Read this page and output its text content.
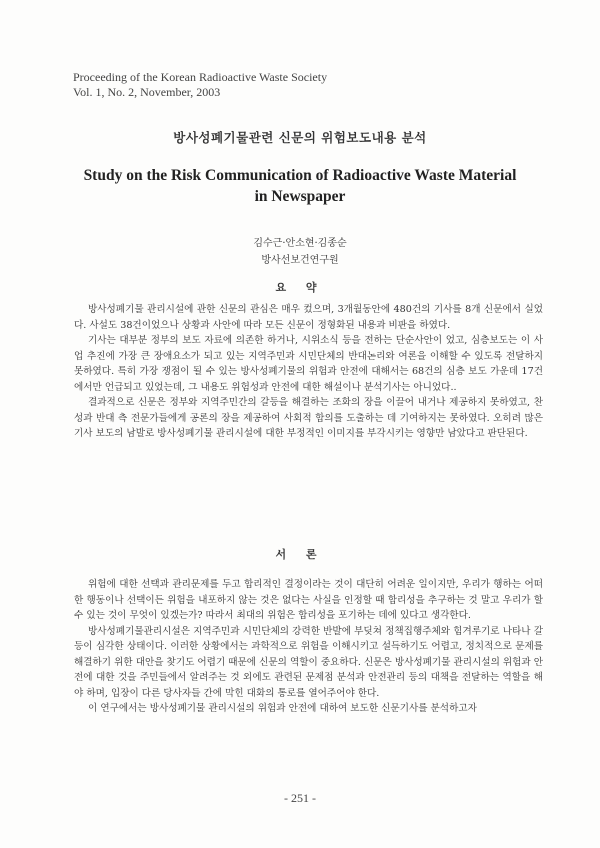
Proceeding of the Korean Radioactive Waste Society
Vol. 1, No. 2, November, 2003
방사성폐기물관련 신문의 위험보도내용 분석
Study on the Risk Communication of Radioactive Waste Material in Newspaper
김수근·안소현·김종순
방사선보건연구원
요 약

방사성폐기물 관리시설에 관한 신문의 관심은 매우 컸으며, 3개월동안에 480건의 기사를 8개 신문에서 실었다. 사설도 38건이었으나 상황과 사안에 따라 모든 신문이 정형화된 내용과 비판을 하였다.

기사는 대부분 정부의 보도 자료에 의존한 하거나, 시위소식 등을 전하는 단순사안이 었고, 심층보도는 이 사업 추진에 가장 큰 장애요소가 되고 있는 지역주민과 시민단체의 반대논리와 여론을 이해할 수 있도록 전달하지 못하였다. 특히 가장 쟁점이 될 수 있는 방사성폐기물의 위험과 안전에 대해서는 68건의 심층 보도 가운데 17건에서만 언급되고 있었는데, 그 내용도 위험성과 안전에 대한 해설이나 분석기사는 아니었다..

결과적으로 신문은 정부와 지역주민간의 갈등을 해결하는 조화의 장을 이끌어 내거나 제공하지 못하였고, 찬성과 반대 측 전문가들에게 공론의 장을 제공하여 사회적 합의를 도출하는 데 기여하지는 못하였다. 오히려 많은 기사 보도의 남발로 방사성폐기물 관리시설에 대한 부정적인 이미지를 부각시키는 영향만 남았다고 판단된다.

서 론

위험에 대한 선택과 관리문제를 두고 합리적인 결정이라는 것이 대단히 어려운 일이지만, 우리가 행하는 어떠한 행동이나 선택이든 위험을 내포하지 않는 것은 없다는 사실을 인정할 때 합리성을 추구하는 것 말고 우리가 할 수 있는 것이 무엇이 있겠는가? 따라서 최대의 위험은 합리성을 포기하는 데에 있다고 생각한다.

방사성폐기물관리시설은 지역주민과 시민단체의 강력한 반발에 부딪쳐 정책집행주체와 힘겨루기로 나타나 갈등이 심각한 상태이다. 이러한 상황에서는 과학적으로 위험을 이해시키고 설득하기도 어렵고, 정치적으로 문제를 해결하기 위한 대안을 찾기도 어렵기 때문에 신문의 역할이 중요하다. 신문은 방사성폐기물 관리시설의 위험과 안전에 대한 것을 주민들에서 알려주는 것 외에도 관련된 문제점 분석과 안전관리 등의 대책을 전달하는 역할을 해야 하며, 입장이 다른 당사자들 간에 막힌 대화의 통로를 열어주어야 한다.

이 연구에서는 방사성폐기물 관리시설의 위험과 안전에 대하여 보도한 신문기사를 분석하고자

- 251 -
